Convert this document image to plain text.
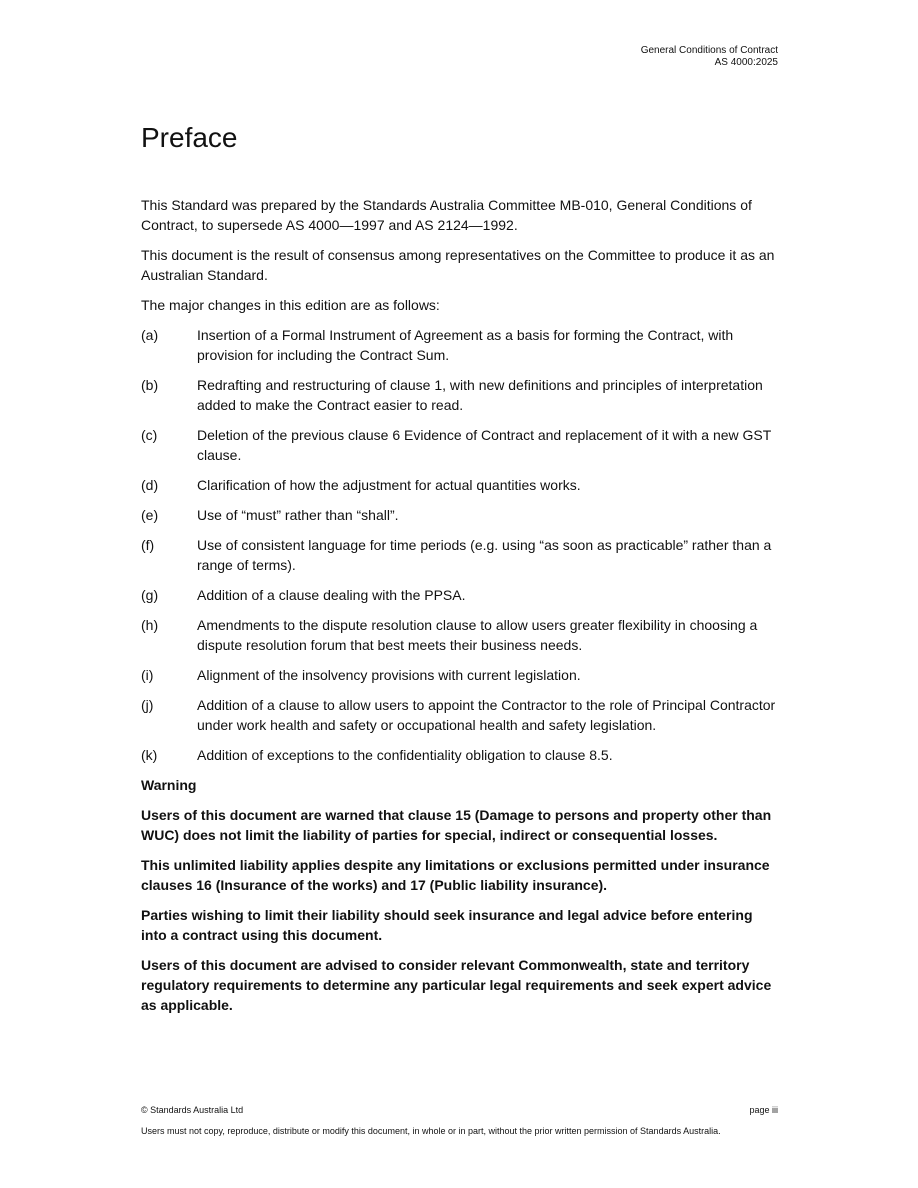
General Conditions of Contract
AS 4000:2025
Preface

This Standard was prepared by the Standards Australia Committee MB-010, General Conditions of Contract, to supersede AS 4000—1997 and AS 2124—1992.

This document is the result of consensus among representatives on the Committee to produce it as an Australian Standard.

The major changes in this edition are as follows:

(a)	Insertion of a Formal Instrument of Agreement as a basis for forming the Contract, with provision for including the Contract Sum.
(b)	Redrafting and restructuring of clause 1, with new definitions and principles of interpretation added to make the Contract easier to read.
(c)	Deletion of the previous clause 6 Evidence of Contract and replacement of it with a new GST clause.
(d)	Clarification of how the adjustment for actual quantities works.
(e)	Use of “must” rather than “shall”.
(f)	Use of consistent language for time periods (e.g. using “as soon as practicable” rather than a range of terms).
(g)	Addition of a clause dealing with the PPSA.
(h)	Amendments to the dispute resolution clause to allow users greater flexibility in choosing a dispute resolution forum that best meets their business needs.
(i)	Alignment of the insolvency provisions with current legislation.
(j)	Addition of a clause to allow users to appoint the Contractor to the role of Principal Contractor under work health and safety or occupational health and safety legislation.
(k)	Addition of exceptions to the confidentiality obligation to clause 8.5.

Warning

Users of this document are warned that clause 15 (Damage to persons and property other than WUC) does not limit the liability of parties for special, indirect or consequential losses.

This unlimited liability applies despite any limitations or exclusions permitted under insurance clauses 16 (Insurance of the works) and 17 (Public liability insurance).

Parties wishing to limit their liability should seek insurance and legal advice before entering into a contract using this document.

Users of this document are advised to consider relevant Commonwealth, state and territory regulatory requirements to determine any particular legal requirements and seek expert advice as applicable.

© Standards Australia Ltd	page iii
Users must not copy, reproduce, distribute or modify this document, in whole or in part, without the prior written permission of Standards Australia.
